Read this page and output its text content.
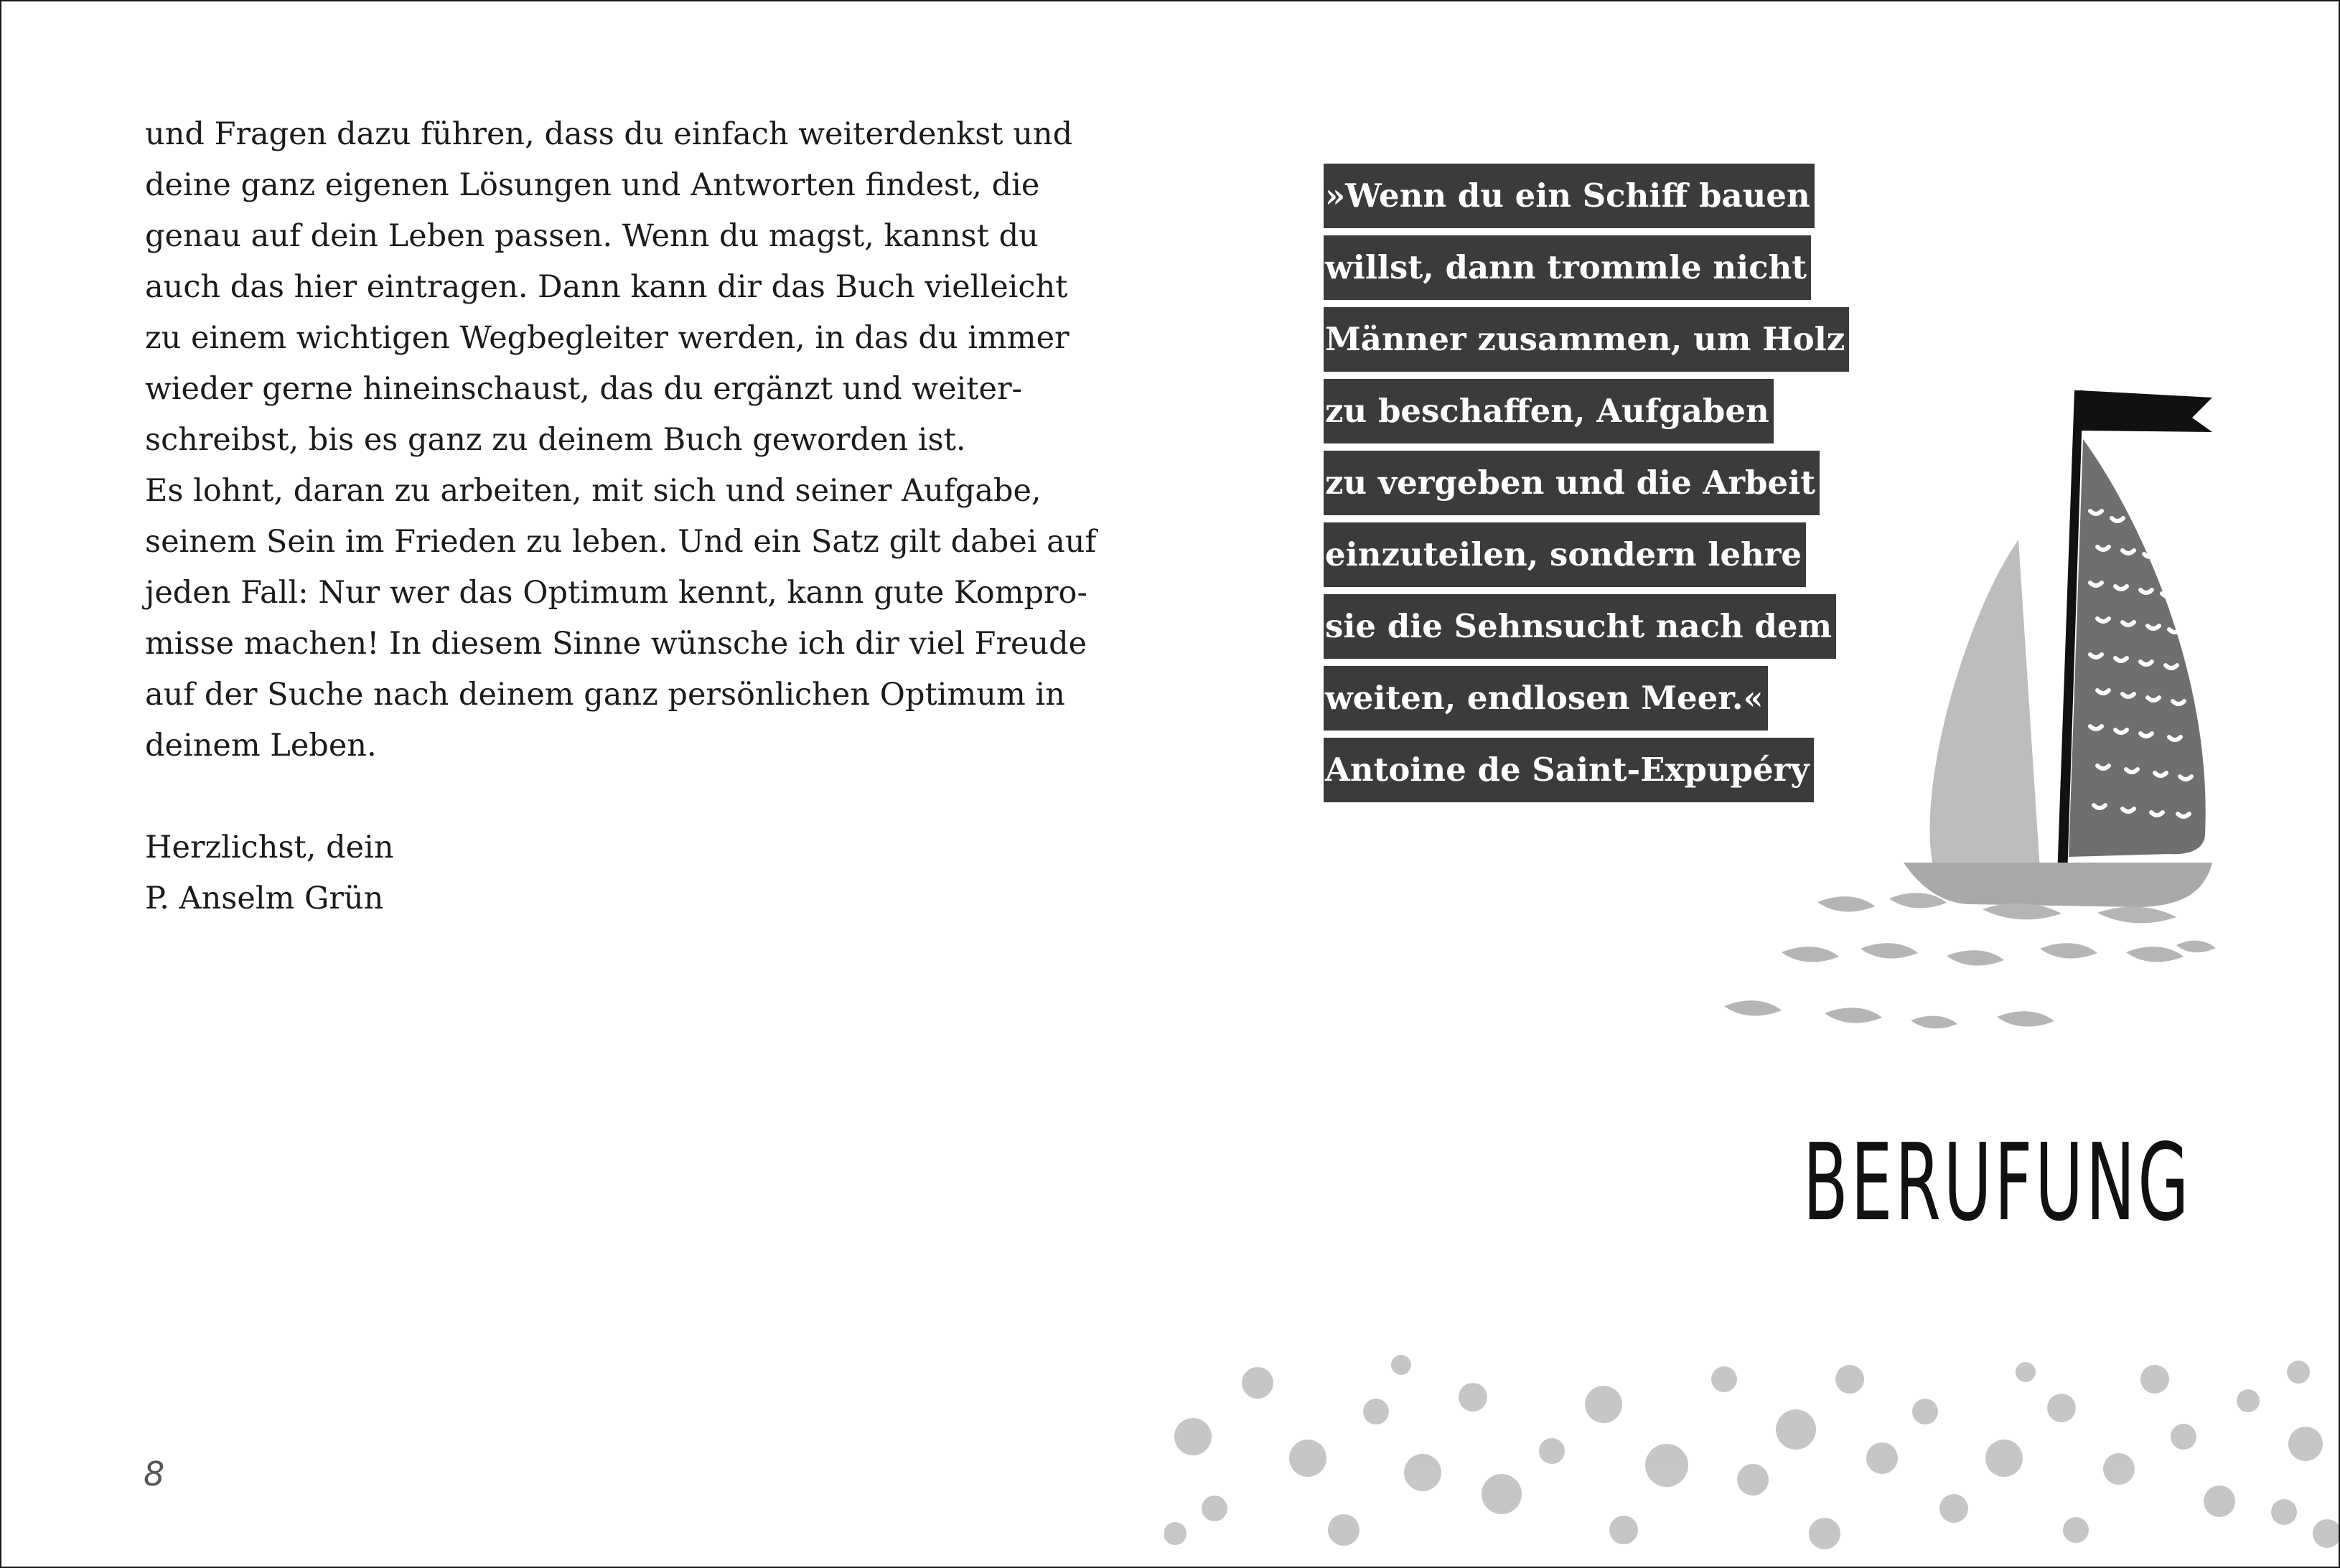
und Fragen dazu führen, dass du einfach weiterdenkst und

deine ganz eigenen Lösungen und Antworten findest, die

genau auf dein Leben passen. Wenn du magst, kannst du

auch das hier eintragen. Dann kann dir das Buch vielleicht

zu einem wichtigen Wegbegleiter werden, in das du immer

wieder gerne hineinschaust, das du ergänzt und weiter-

schreibst, bis es ganz zu deinem Buch geworden ist.

Es lohnt, daran zu arbeiten, mit sich und seiner Aufgabe,

seinem Sein im Frieden zu leben. Und ein Satz gilt dabei auf

jeden Fall: Nur wer das Optimum kennt, kann gute Kompro-

misse machen! In diesem Sinne wünsche ich dir viel Freude

auf der Suche nach deinem ganz persönlichen Optimum in

deinem Leben.

Herzlichst, dein

P. Anselm Grün

8
»Wenn du ein Schiff bauen
willst, dann trommle nicht
Männer zusammen, um Holz
zu beschaffen, Aufgaben
zu vergeben und die Arbeit
einzuteilen, sondern lehre
sie die Sehnsucht nach dem
weiten, endlosen Meer.«
Antoine de Saint-Expupéry
BERUFUNG
